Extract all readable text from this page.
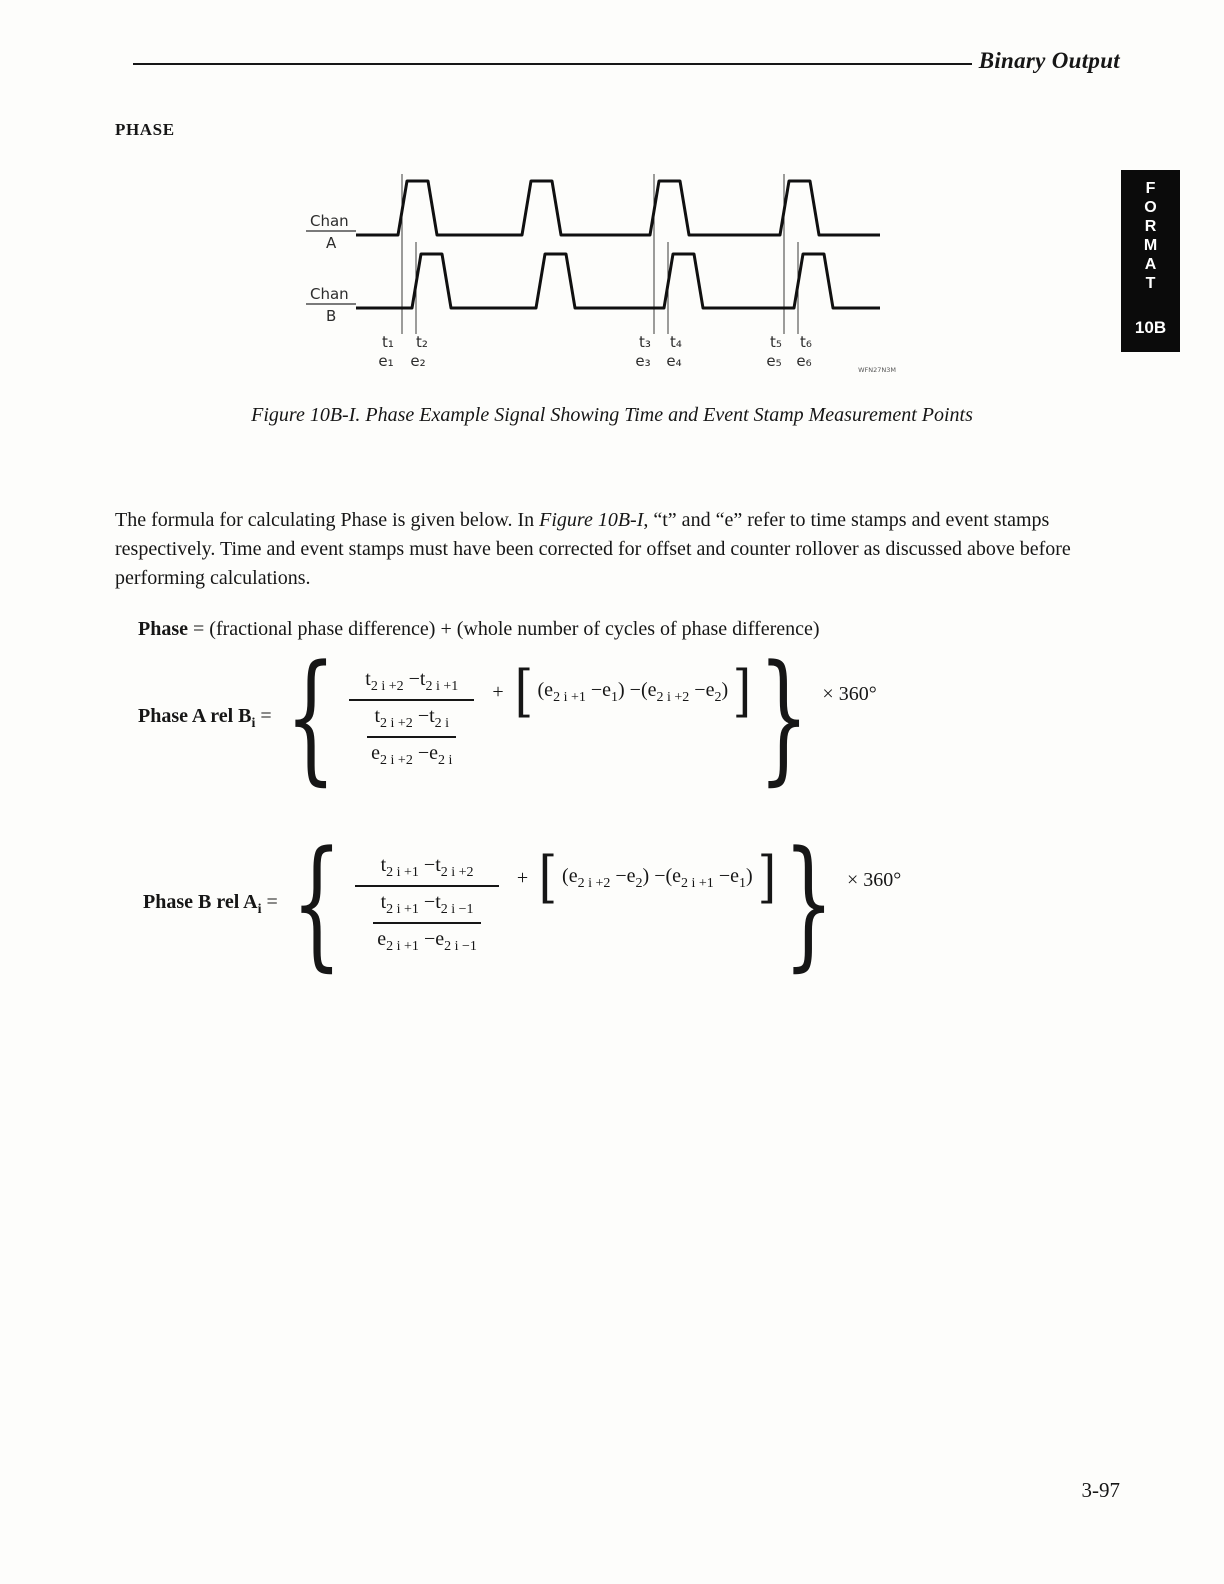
Binary Output
PHASE
Chan
A
Chan
B
t₁ t₂	t₃ t₄	t₅ t₆
e₁ e₂	e₃ e₄	e₅ e₆	WFN27N3M
F
O
R
M
A
T
10B
Figure 10B-I. Phase Example Signal Showing Time and Event Stamp Measurement Points
The formula for calculating Phase is given below. In Figure 10B-I, “t” and “e” refer to time stamps and event stamps respectively. Time and event stamps must have been corrected for offset and counter rollover as discussed above before performing calculations.
Phase = (fractional phase difference) + (whole number of cycles of phase difference)
Phase A rel $B_i$ = { $t_{2 i +2} -t_{2 i +1}$
$t_{2 i +2} -t_{2 i}$
$e_{2 i +2} -e_{2 i}$
+ [ $(e_{2 i +1} -e_1) -(e_{2 i +2} -e_2)$ ] } × 360°
Phase B rel $A_i$ = { $t_{2 i +1} -t_{2 i +2}$
$t_{2 i +1} -t_{2 i -1}$
$e_{2 i +1} -e_{2 i -1}$
+ [ $(e_{2 i +2} -e_2) -(e_{2 i +1} -e_1)$ ] } × 360°
3-97
